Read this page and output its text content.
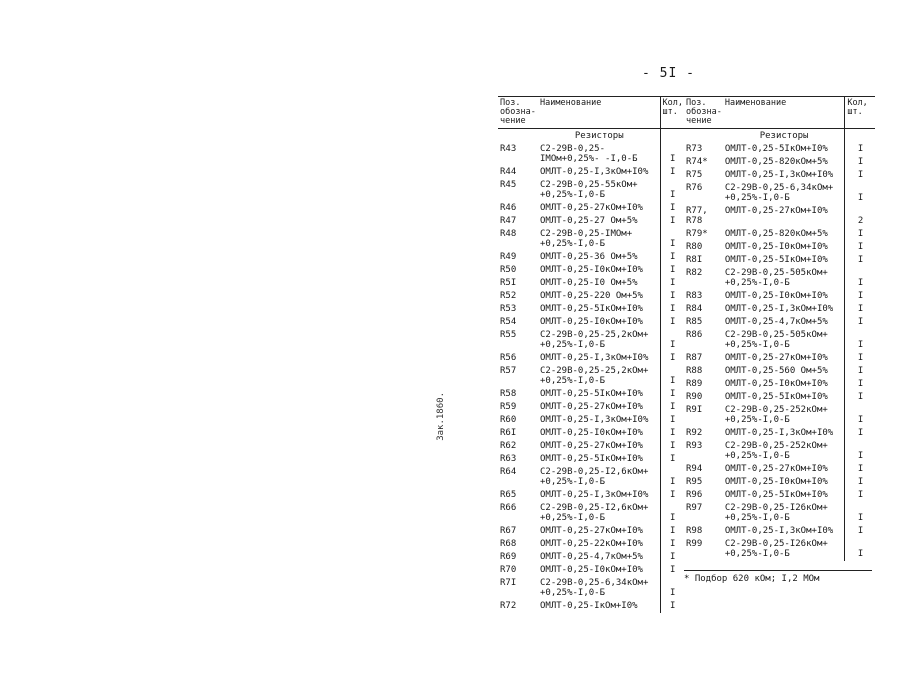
- 5I -
Зак.1860.
Поз. обозна- чение	Наименование	Кол, шт.
	Резисторы	
R43	С2-29В-0,25-IМОм+0,25%- -I,0-Б	I
R44	ОМЛТ-0,25-I,3кОм+I0%	I
R45	С2-29В-0,25-55кОм+ +0,25%-I,0-Б	I
R46	ОМЛТ-0,25-27кОм+I0%	I
R47	ОМЛТ-0,25-27 Ом+5%	I
R48	С2-29В-0,25-IМОм+ +0,25%-I,0-Б	I
R49	ОМЛТ-0,25-36 Ом+5%	I
R50	ОМЛТ-0,25-I0кОм+I0%	I
R5I	ОМЛТ-0,25-I0 Ом+5%	I
R52	ОМЛТ-0,25-220 Ом+5%	I
R53	ОМЛТ-0,25-5IкОм+I0%	I
R54	ОМЛТ-0,25-I0кОм+I0%	I
R55	С2-29В-0,25-25,2кОм+ +0,25%-I,0-Б	I
R56	ОМЛТ-0,25-I,3кОм+I0%	I
R57	С2-29В-0,25-25,2кОм+ +0,25%-I,0-Б	I
R58	ОМЛТ-0,25-5IкОм+I0%	I
R59	ОМЛТ-0,25-27кОм+I0%	I
R60	ОМЛТ-0,25-I,3кОм+I0%	I
R6I	ОМЛТ-0,25-I0кОм+I0%	I
R62	ОМЛТ-0,25-27кОм+I0%	I
R63	ОМЛТ-0,25-5IкОм+I0%	I
R64	С2-29В-0,25-I2,6кОм+ +0,25%-I,0-Б	I
R65	ОМЛТ-0,25-I,3кОм+I0%	I
R66	С2-29В-0,25-I2,6кОм+ +0,25%-I,0-Б	I
R67	ОМЛТ-0,25-27кОм+I0%	I
R68	ОМЛТ-0,25-22кОм+I0%	I
R69	ОМЛТ-0,25-4,7кОм+5%	I
R70	ОМЛТ-0,25-I0кОм+I0%	I
R7I	С2-29В-0,25-6,34кОм+ +0,25%-I,0-Б	I
R72	ОМЛТ-0,25-IкОм+I0%	I
Поз. обозна- чение	Наименование	Кол, шт.
	Резисторы	
R73	ОМЛТ-0,25-5IкОм+I0%	I
R74*	ОМЛТ-0,25-820кОм+5%	I
R75	ОМЛТ-0,25-I,3кОм+I0%	I
R76	С2-29В-0,25-6,34кОм+ +0,25%-I,0-Б	I
R77, R78	ОМЛТ-0,25-27кОм+I0%	2
R79*	ОМЛТ-0,25-820кОм+5%	I
R80	ОМЛТ-0,25-I0кОм+I0%	I
R8I	ОМЛТ-0,25-5IкОм+I0%	I
R82	С2-29В-0,25-505кОм+ +0,25%-I,0-Б	I
R83	ОМЛТ-0,25-I0кОм+I0%	I
R84	ОМЛТ-0,25-I,3кОм+I0%	I
R85	ОМЛТ-0,25-4,7кОм+5%	I
R86	С2-29В-0,25-505кОм+ +0,25%-I,0-Б	I
R87	ОМЛТ-0,25-27кОм+I0%	I
R88	ОМЛТ-0,25-560 Ом+5%	I
R89	ОМЛТ-0,25-I0кОм+I0%	I
R90	ОМЛТ-0,25-5IкОм+I0%	I
R9I	С2-29В-0,25-252кОм+ +0,25%-I,0-Б	I
R92	ОМЛТ-0,25-I,3кОм+I0%	I
R93	С2-29В-0,25-252кОм+ +0,25%-I,0-Б	I
R94	ОМЛТ-0,25-27кОм+I0%	I
R95	ОМЛТ-0,25-I0кОм+I0%	I
R96	ОМЛТ-0,25-5IкОм+I0%	I
R97	С2-29В-0,25-I26кОм+ +0,25%-I,0-Б	I
R98	ОМЛТ-0,25-I,3кОм+I0%	I
R99	С2-29В-0,25-I26кОм+ +0,25%-I,0-Б	I
* Подбор 620 кОм; I,2 МОм
